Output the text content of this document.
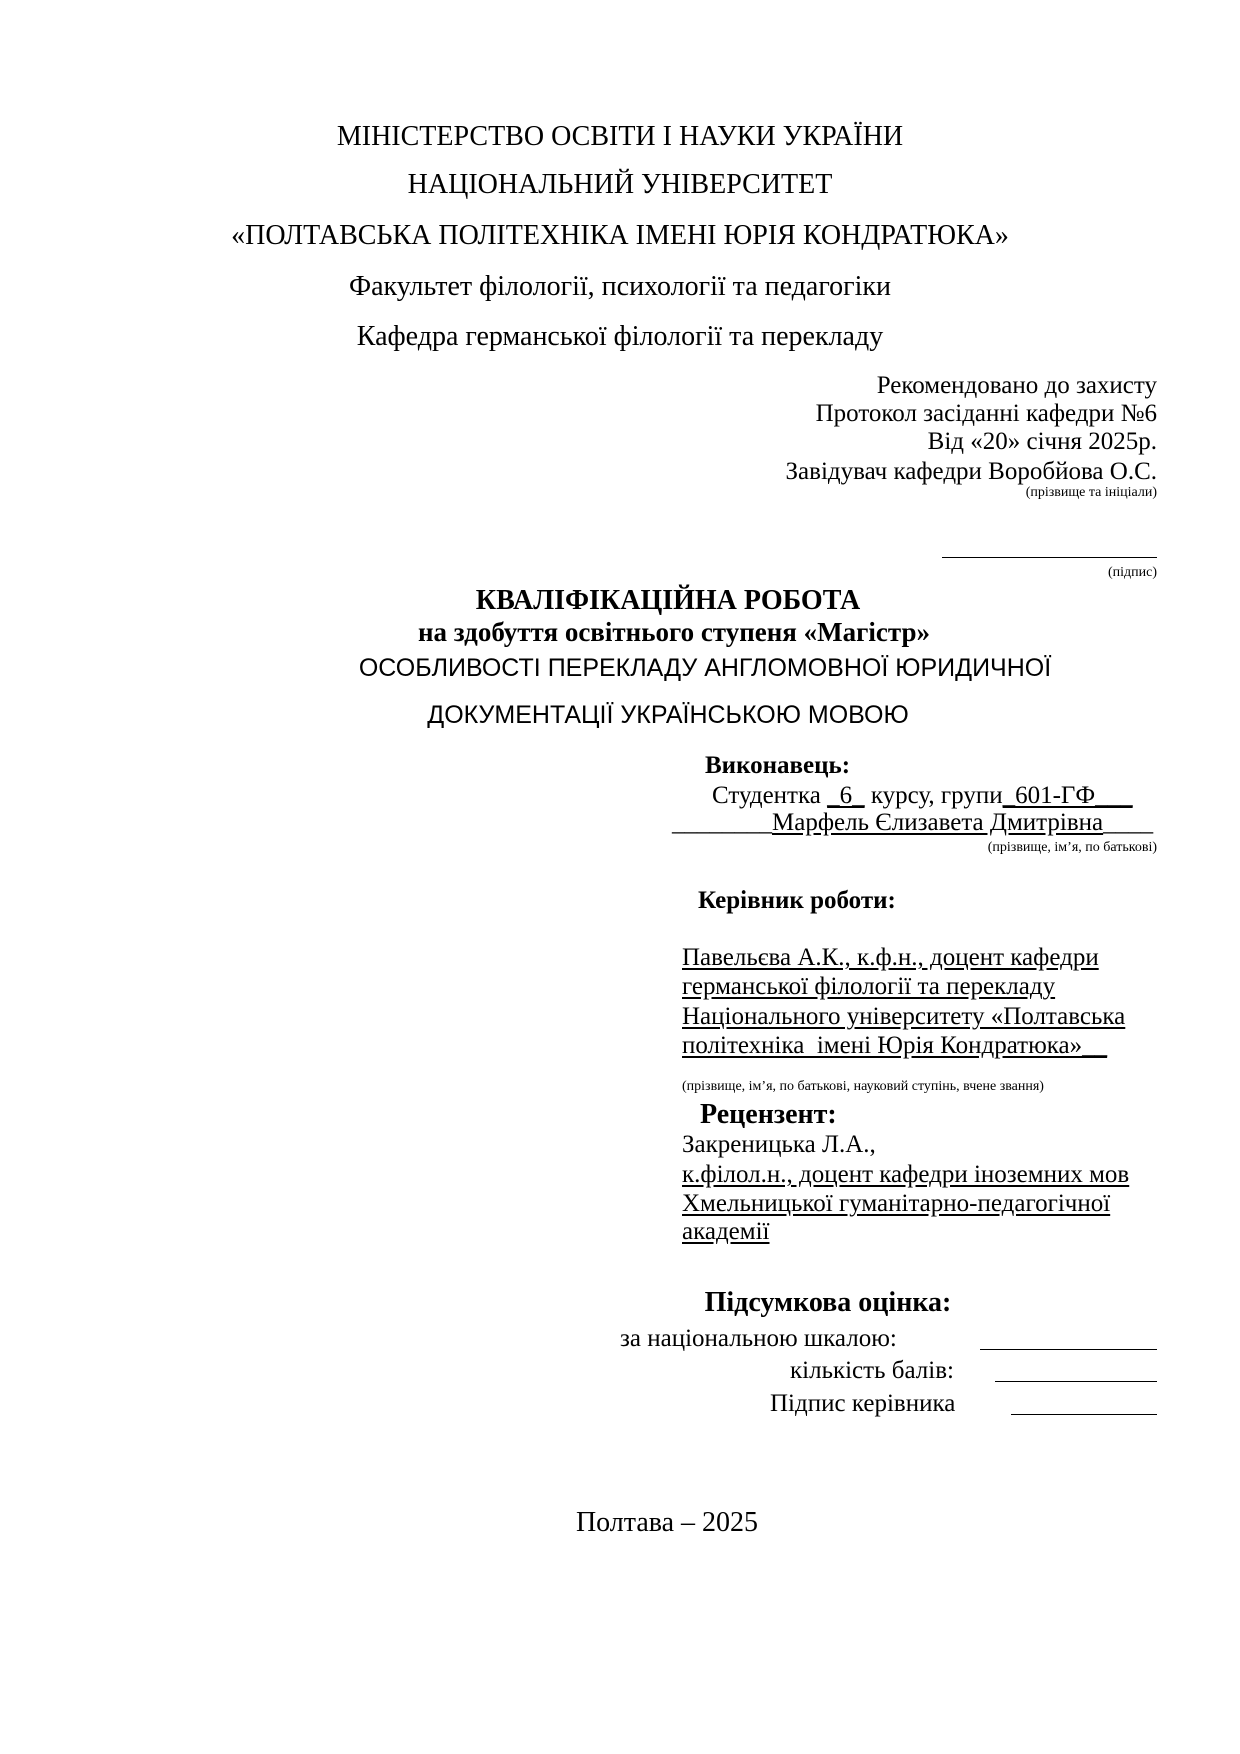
МІНІСТЕРСТВО ОСВІТИ І НАУКИ УКРАЇНИ
НАЦІОНАЛЬНИЙ УНІВЕРСИТЕТ
«ПОЛТАВСЬКА ПОЛІТЕХНІКА ІМЕНІ ЮРІЯ КОНДРАТЮКА»
Факультет філології, психології та педагогіки
Кафедра германської філології та перекладу
Рекомендовано до захисту
Протокол засіданні кафедри №6
Від «20» січня 2025р.
Завідувач кафедри Воробйова О.С.
(прізвище та ініціали)
(підпис)
КВАЛІФІКАЦІЙНА РОБОТА
на здобуття освітнього ступеня «Магістр»
ОСОБЛИВОСТІ ПЕРЕКЛАДУ АНГЛОМОВНОЇ ЮРИДИЧНОЇ
ДОКУМЕНТАЦІЇ УКРАЇНСЬКОЮ МОВОЮ
Виконавець:
Студентка _6_ курсу, групи_601-ГФ___
________Марфель Єлизавета Дмитрівна____
(прізвище, ім’я, по батькові)
Керівник роботи:
Павельєва А.К., к.ф.н., доцент кафедри
германської філології та перекладу
Національного університету «Полтавська
політехніка  імені Юрія Кондратюка»__
(прізвище, ім’я, по батькові, науковий ступінь, вчене звання)
Рецензент:
Закреницька Л.А.,
к.філол.н., доцент кафедри іноземних мов
Хмельницької гуманітарно-педагогічної
академії
Підсумкова оцінка:
за національною шкалою:
кількість балів:
Підпис керівника
Полтава – 2025
